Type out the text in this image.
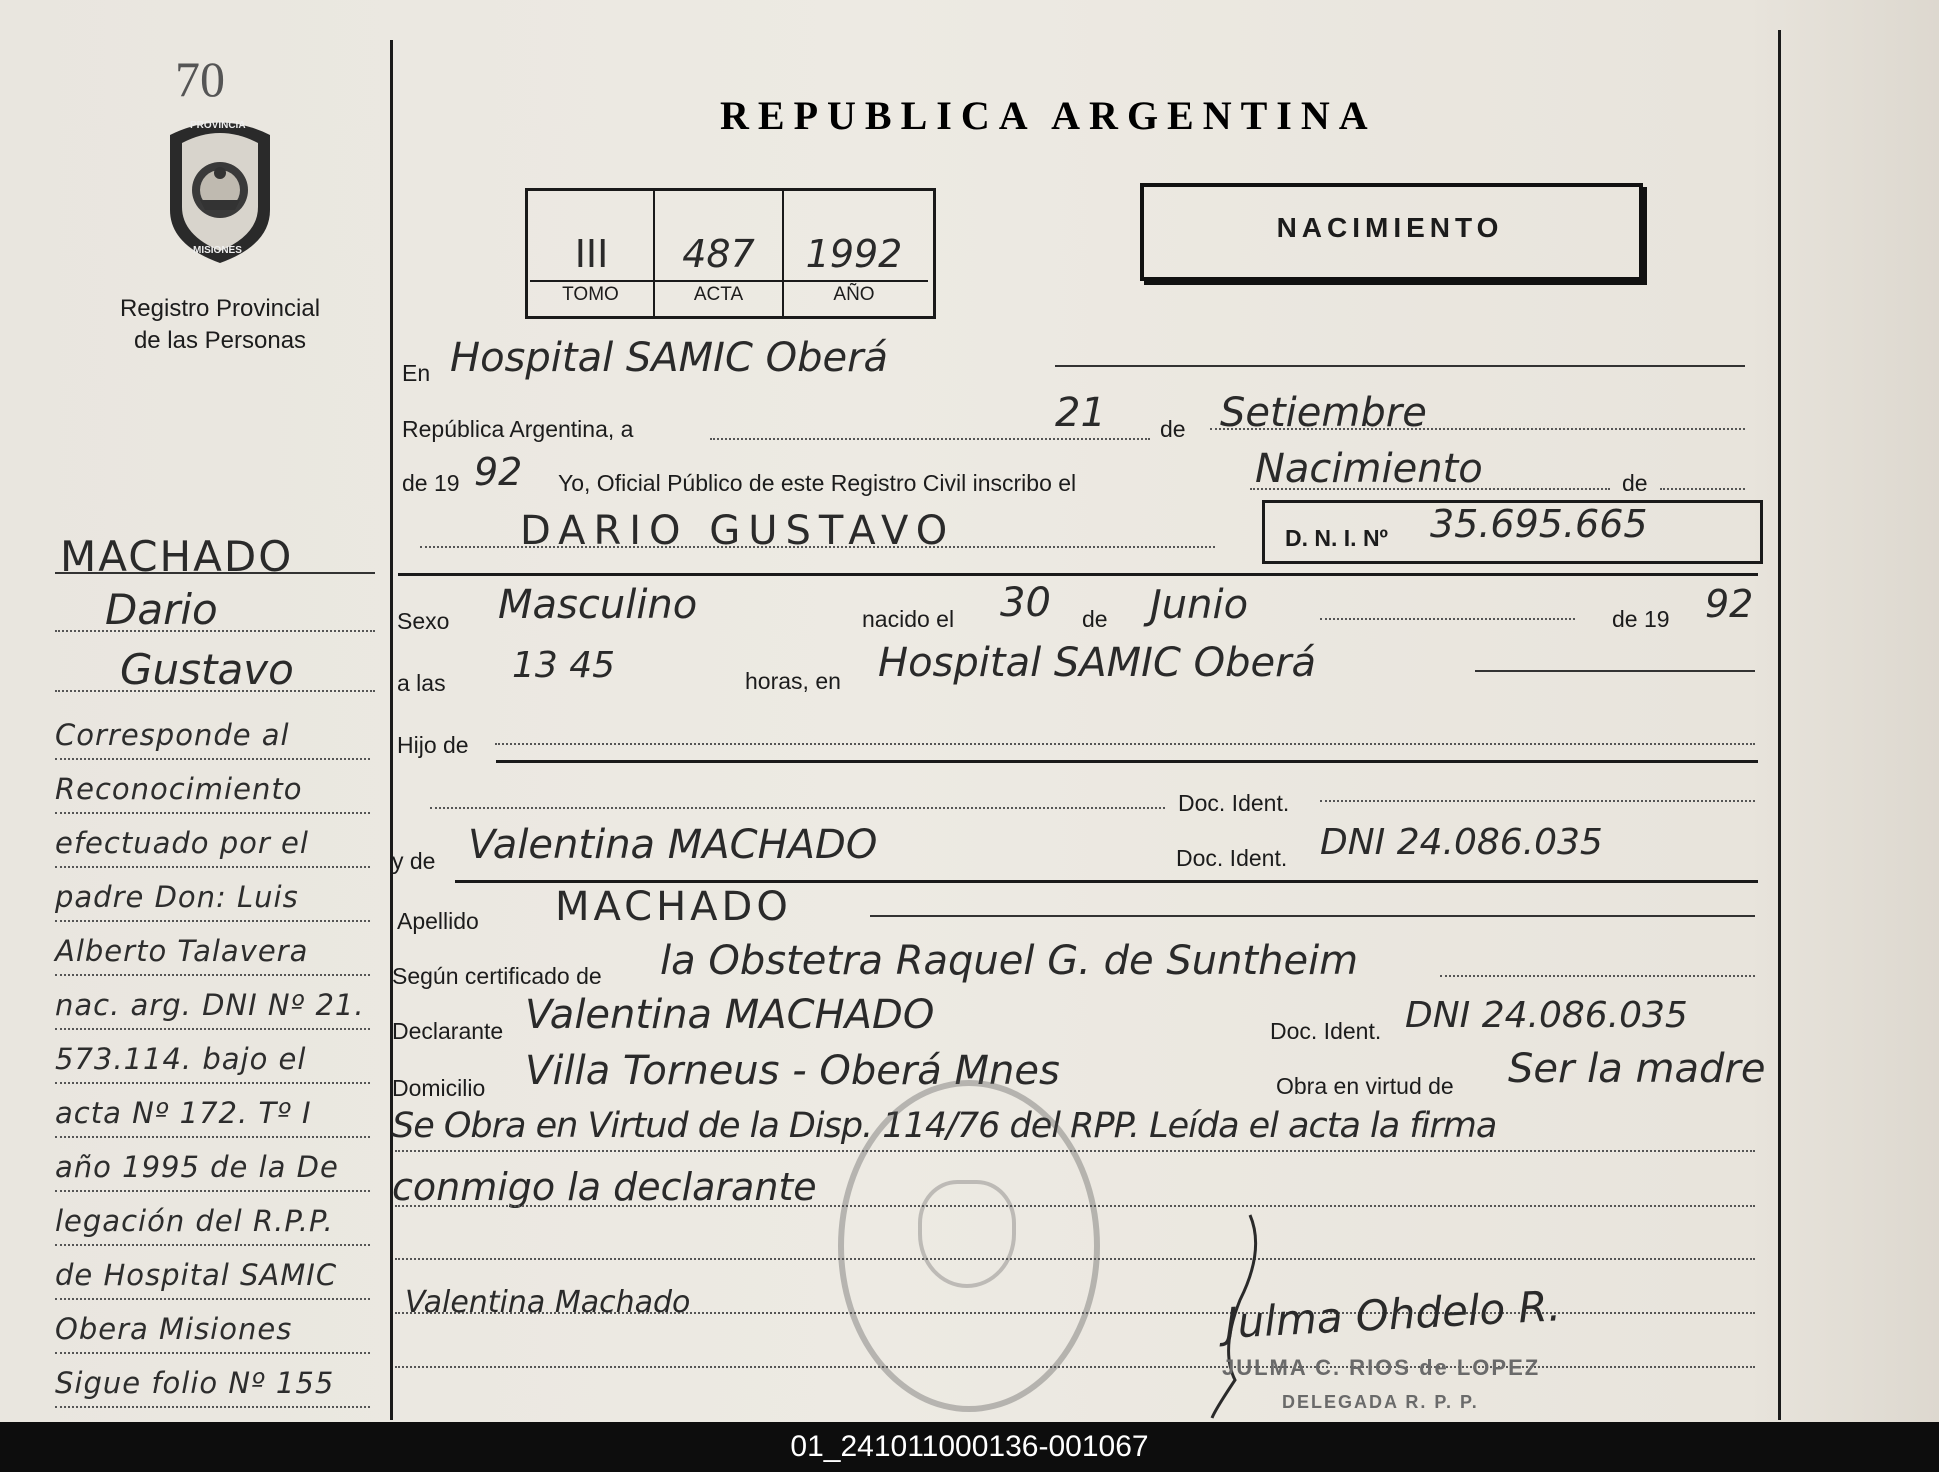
70
PROVINCIA
MISIONES
Registro Provincial
de las Personas
MACHADO
Dario
Gustavo
Corresponde al
Reconocimiento
efectuado por el
padre Don: Luis
Alberto Talavera
nac. arg. DNI Nº 21.
573.114. bajo el
acta Nº 172. Tº I
año 1995 de la De
legación del R.P.P.
de Hospital SAMIC
Obera Misiones
Sigue folio Nº 155
REPUBLICA ARGENTINA
III	487	1992
TOMO	ACTA	AÑO
NACIMIENTO
En Hospital SAMIC Oberá
República Argentina, a	21 de Setiembre
de 19 92 Yo, Oficial Público de este Registro Civil inscribo el	Nacimiento	de
DARIO GUSTAVO	D. N. I. Nº 35.695.665
Sexo Masculino	nacido el 30 de Junio	de 19 92
a las 13 45	horas, en Hospital SAMIC Oberá
Hijo de
Doc. Ident.
y de Valentina MACHADO	Doc. Ident. DNI 24.086.035
Apellido MACHADO
Según certificado de la Obstetra Raquel G. de Suntheim
Declarante Valentina MACHADO	Doc. Ident. DNI 24.086.035
Domicilio Villa Torneus - Oberá Mnes	Obra en virtud de Ser la madre
Se Obra en Virtud de la Disp. 114/76 del RPP. Leída el acta la firma
conmigo la declarante
Valentina Machado	Julma Ohdelo R.
JULMA C. RIOS de LOPEZ
DELEGADA R. P. P.
01_241011000136-001067
